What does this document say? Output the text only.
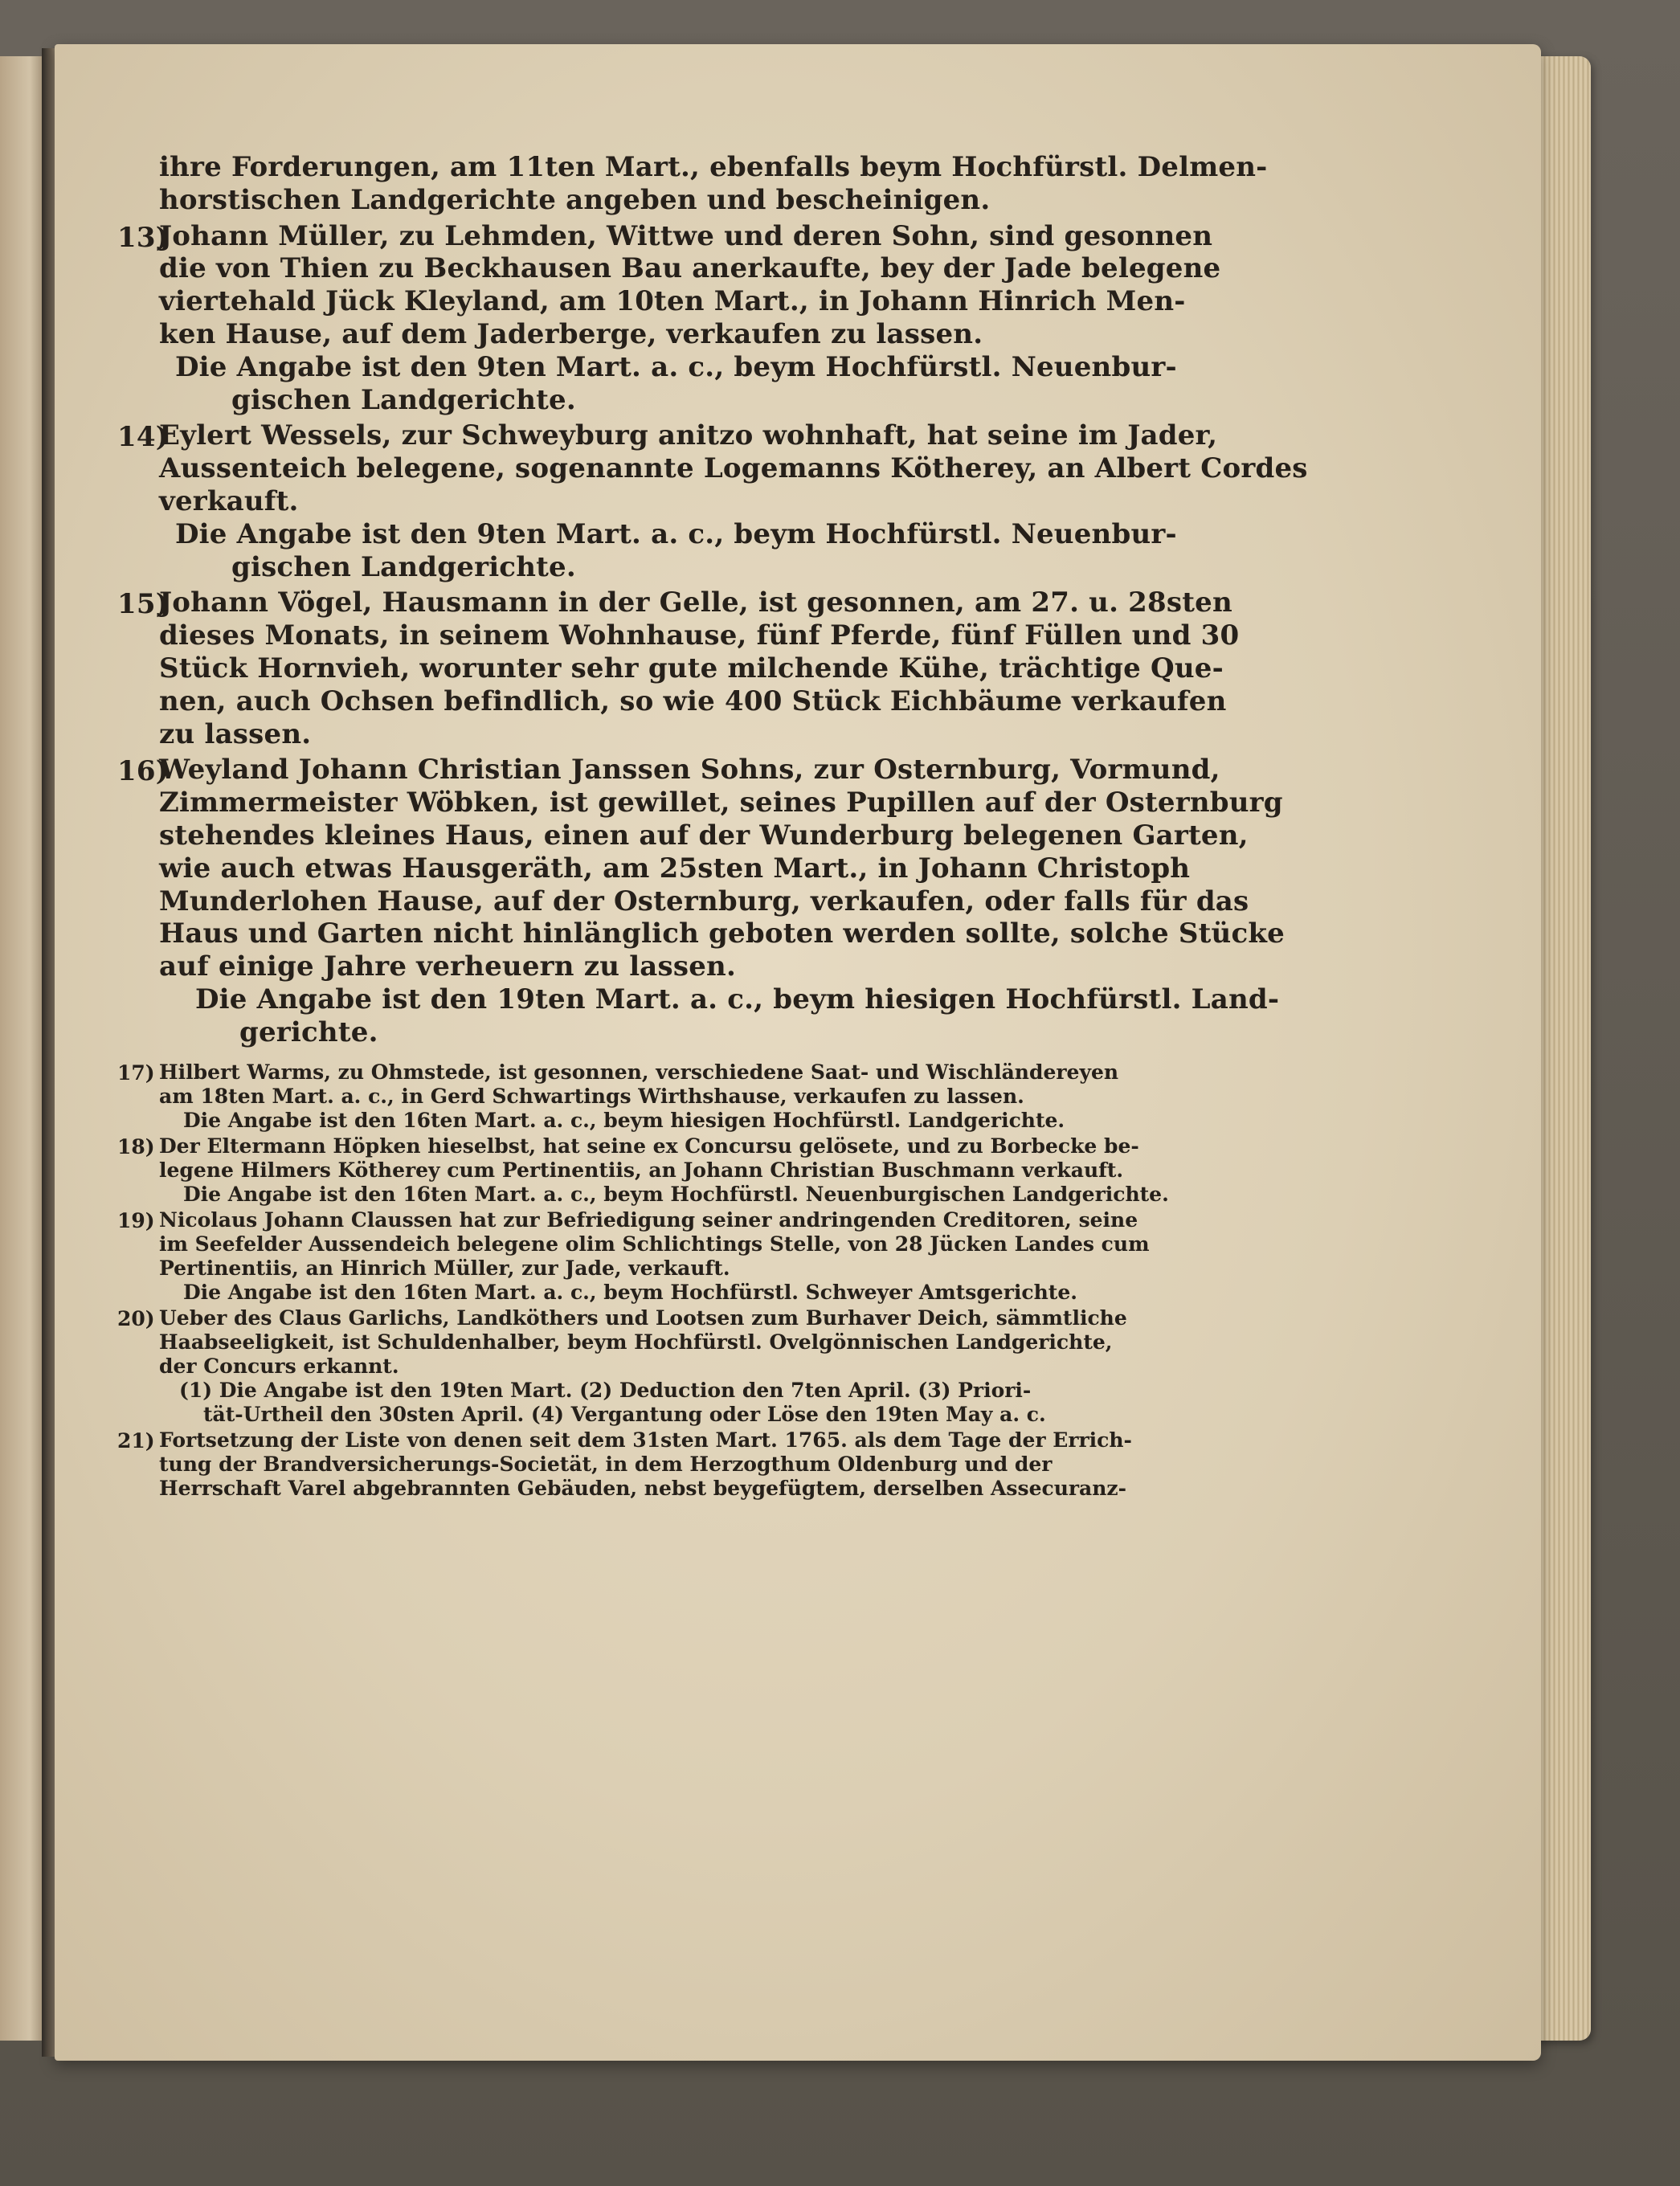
ihre Forderungen, am 11ten Mart., ebenfalls beym Hochfürstl. Delmen-
horstischen Landgerichte angeben und bescheinigen.
13)
Johann Müller, zu Lehmden, Wittwe und deren Sohn, sind gesonnen
die von Thien zu Beckhausen Bau anerkaufte, bey der Jade belegene
viertehald Jück Kleyland, am 10ten Mart., in Johann Hinrich Men-
ken Hause, auf dem Jaderberge, verkaufen zu lassen.
Die Angabe ist den 9ten Mart. a. c., beym Hochfürstl. Neuenbur-
gischen Landgerichte.
14)
Eylert Wessels, zur Schweyburg anitzo wohnhaft, hat seine im Jader,
Aussenteich belegene, sogenannte Logemanns Kötherey, an Albert Cordes
verkauft.
Die Angabe ist den 9ten Mart. a. c., beym Hochfürstl. Neuenbur-
gischen Landgerichte.
15)
Johann Vögel, Hausmann in der Gelle, ist gesonnen, am 27. u. 28sten
dieses Monats, in seinem Wohnhause, fünf Pferde, fünf Füllen und 30
Stück Hornvieh, worunter sehr gute milchende Kühe, trächtige Que-
nen, auch Ochsen befindlich, so wie 400 Stück Eichbäume verkaufen
zu lassen.
16)
Weyland Johann Christian Janssen Sohns, zur Osternburg, Vormund,
Zimmermeister Wöbken, ist gewillet, seines Pupillen auf der Osternburg
stehendes kleines Haus, einen auf der Wunderburg belegenen Garten,
wie auch etwas Hausgeräth, am 25sten Mart., in Johann Christoph
Munderlohen Hause, auf der Osternburg, verkaufen, oder falls für das
Haus und Garten nicht hinlänglich geboten werden sollte, solche Stücke
auf einige Jahre verheuern zu lassen.
Die Angabe ist den 19ten Mart. a. c., beym hiesigen Hochfürstl. Land-
gerichte.
17) Hilbert Warms, zu Ohmstede, ist gesonnen, verschiedene Saat- und Wischländereyen
am 18ten Mart. a. c., in Gerd Schwartings Wirthshause, verkaufen zu lassen.
Die Angabe ist den 16ten Mart. a. c., beym hiesigen Hochfürstl. Landgerichte.
18) Der Eltermann Höpken hieselbst, hat seine ex Concursu gelösete, und zu Borbecke be-
legene Hilmers Kötherey cum Pertinentiis, an Johann Christian Buschmann verkauft.
Die Angabe ist den 16ten Mart. a. c., beym Hochfürstl. Neuenburgischen Landgerichte.
19) Nicolaus Johann Claussen hat zur Befriedigung seiner andringenden Creditoren, seine
im Seefelder Aussendeich belegene olim Schlichtings Stelle, von 28 Jücken Landes cum
Pertinentiis, an Hinrich Müller, zur Jade, verkauft.
Die Angabe ist den 16ten Mart. a. c., beym Hochfürstl. Schweyer Amtsgerichte.
20) Ueber des Claus Garlichs, Landköthers und Lootsen zum Burhaver Deich, sämmtliche
Haabseeligkeit, ist Schuldenhalber, beym Hochfürstl. Ovelgönnischen Landgerichte,
der Concurs erkannt.
(1) Die Angabe ist den 19ten Mart. (2) Deduction den 7ten April. (3) Priori-
tät-Urtheil den 30sten April. (4) Vergantung oder Löse den 19ten May a. c.
21) Fortsetzung der Liste von denen seit dem 31sten Mart. 1765. als dem Tage der Errich-
tung der Brandversicherungs-Societät, in dem Herzogthum Oldenburg und der
Herrschaft Varel abgebrannten Gebäuden, nebst beygefügtem, derselben Assecuranz-
